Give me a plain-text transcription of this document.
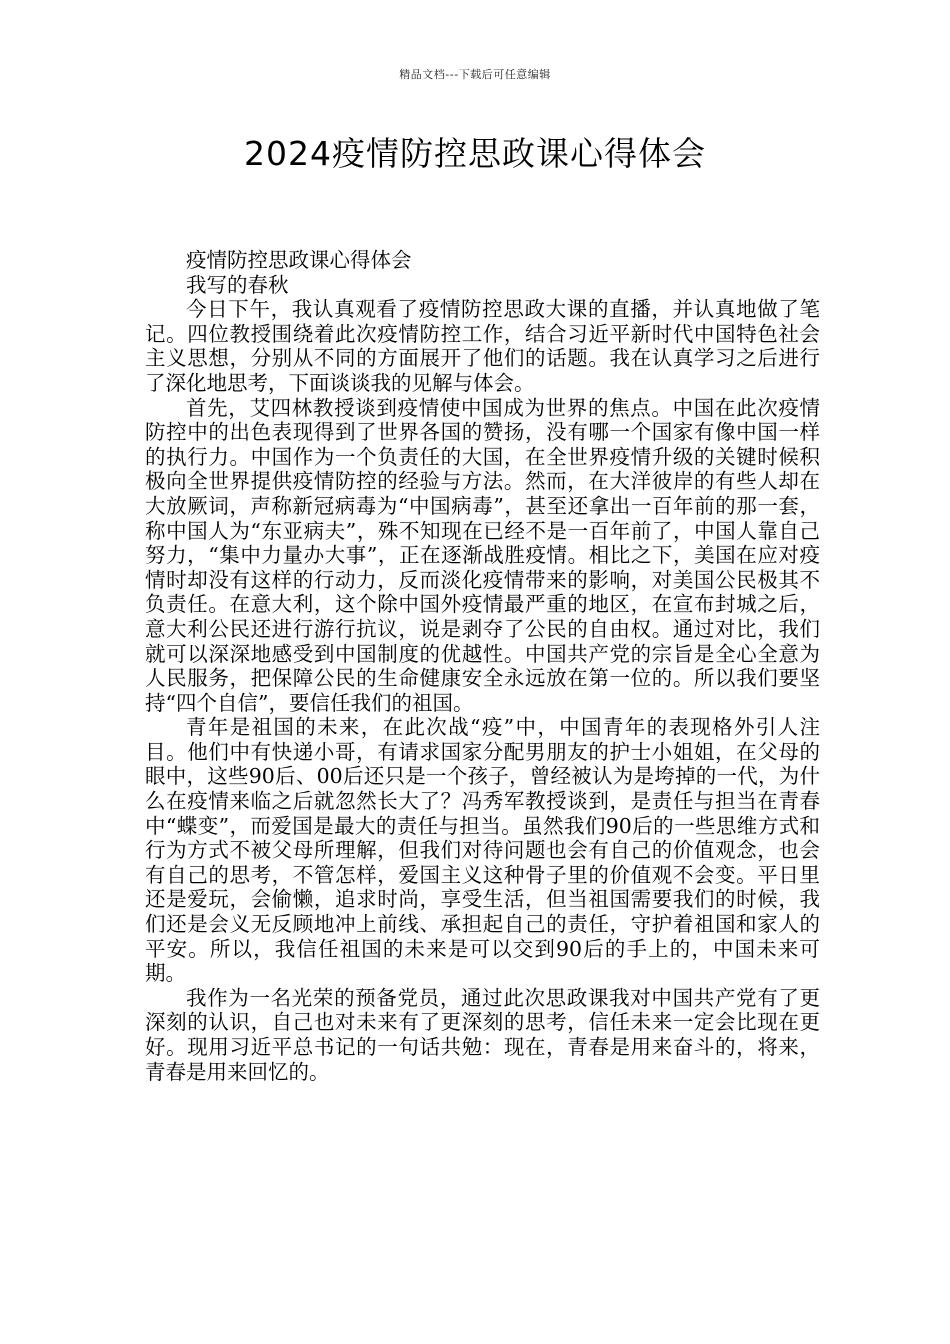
精品文档---下载后可任意编辑
2024疫情防控思政课心得体会

疫情防控思政课心得体会

我写的春秋

今日下午，我认真观看了疫情防控思政大课的直播，并认真地做了笔记。四位教授围绕着此次疫情防控工作，结合习近平新时代中国特色社会主义思想，分别从不同的方面展开了他们的话题。我在认真学习之后进行了深化地思考，下面谈谈我的见解与体会。

首先，艾四林教授谈到疫情使中国成为世界的焦点。中国在此次疫情防控中的出色表现得到了世界各国的赞扬，没有哪一个国家有像中国一样的执行力。中国作为一个负责任的大国，在全世界疫情升级的关键时候积极向全世界提供疫情防控的经验与方法。然而，在大洋彼岸的有些人却在大放厥词，声称新冠病毒为“中国病毒”，甚至还拿出一百年前的那一套，称中国人为“东亚病夫”，殊不知现在已经不是一百年前了，中国人靠自己努力，“集中力量办大事”，正在逐渐战胜疫情。相比之下，美国在应对疫情时却没有这样的行动力，反而淡化疫情带来的影响，对美国公民极其不负责任。在意大利，这个除中国外疫情最严重的地区，在宣布封城之后，意大利公民还进行游行抗议，说是剥夺了公民的自由权。通过对比，我们就可以深深地感受到中国制度的优越性。中国共产党的宗旨是全心全意为人民服务，把保障公民的生命健康安全永远放在第一位的。所以我们要坚持“四个自信”，要信任我们的祖国。

青年是祖国的未来，在此次战“疫”中，中国青年的表现格外引人注目。他们中有快递小哥，有请求国家分配男朋友的护士小姐姐，在父母的眼中，这些90后、00后还只是一个孩子，曾经被认为是垮掉的一代，为什么在疫情来临之后就忽然长大了？冯秀军教授谈到，是责任与担当在青春中“蝶变”，而爱国是最大的责任与担当。虽然我们90后的一些思维方式和行为方式不被父母所理解，但我们对待问题也会有自己的价值观念，也会有自己的思考，不管怎样，爱国主义这种骨子里的价值观不会变。平日里还是爱玩，会偷懒，追求时尚，享受生活，但当祖国需要我们的时候，我们还是会义无反顾地冲上前线、承担起自己的责任，守护着祖国和家人的平安。所以，我信任祖国的未来是可以交到90后的手上的，中国未来可期。

我作为一名光荣的预备党员，通过此次思政课我对中国共产党有了更深刻的认识，自己也对未来有了更深刻的思考，信任未来一定会比现在更好。现用习近平总书记的一句话共勉：现在，青春是用来奋斗的，将来，青春是用来回忆的。
